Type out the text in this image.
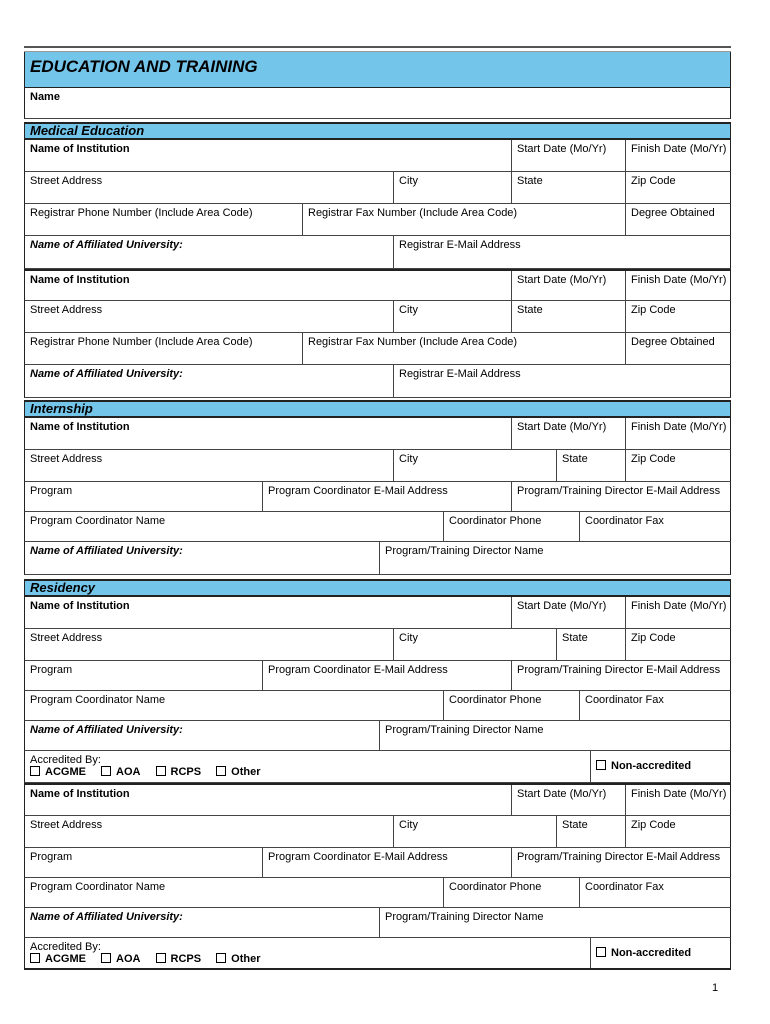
EDUCATION AND TRAINING
Name
Medical Education
Name of Institution	Start Date (Mo/Yr)	Finish Date (Mo/Yr)
Street Address	City	State	Zip Code
Registrar Phone Number (Include Area Code)	Registrar Fax Number (Include Area Code)	Degree Obtained
Name of Affiliated University:	Registrar E-Mail Address
Name of Institution	Start Date (Mo/Yr)	Finish Date (Mo/Yr)
Street Address	City	State	Zip Code
Registrar Phone Number (Include Area Code)	Registrar Fax Number (Include Area Code)	Degree Obtained
Name of Affiliated University:	Registrar E-Mail Address
Internship
Name of Institution	Start Date (Mo/Yr)	Finish Date (Mo/Yr)
Street Address	City	State	Zip Code
Program	Program Coordinator E-Mail Address	Program/Training Director E-Mail Address
Program Coordinator Name	Coordinator Phone	Coordinator Fax
Name of Affiliated University:	Program/Training Director Name
Residency
Name of Institution	Start Date (Mo/Yr)	Finish Date (Mo/Yr)
Street Address	City	State	Zip Code
Program	Program Coordinator E-Mail Address	Program/Training Director E-Mail Address
Program Coordinator Name	Coordinator Phone	Coordinator Fax
Name of Affiliated University:	Program/Training Director Name
Accredited By:
ACGME	AOA	RCPS	Other	Non-accredited
Name of Institution	Start Date (Mo/Yr)	Finish Date (Mo/Yr)
Street Address	City	State	Zip Code
Program	Program Coordinator E-Mail Address	Program/Training Director E-Mail Address
Program Coordinator Name	Coordinator Phone	Coordinator Fax
Name of Affiliated University:	Program/Training Director Name
Accredited By:
ACGME	AOA	RCPS	Other	Non-accredited
1
